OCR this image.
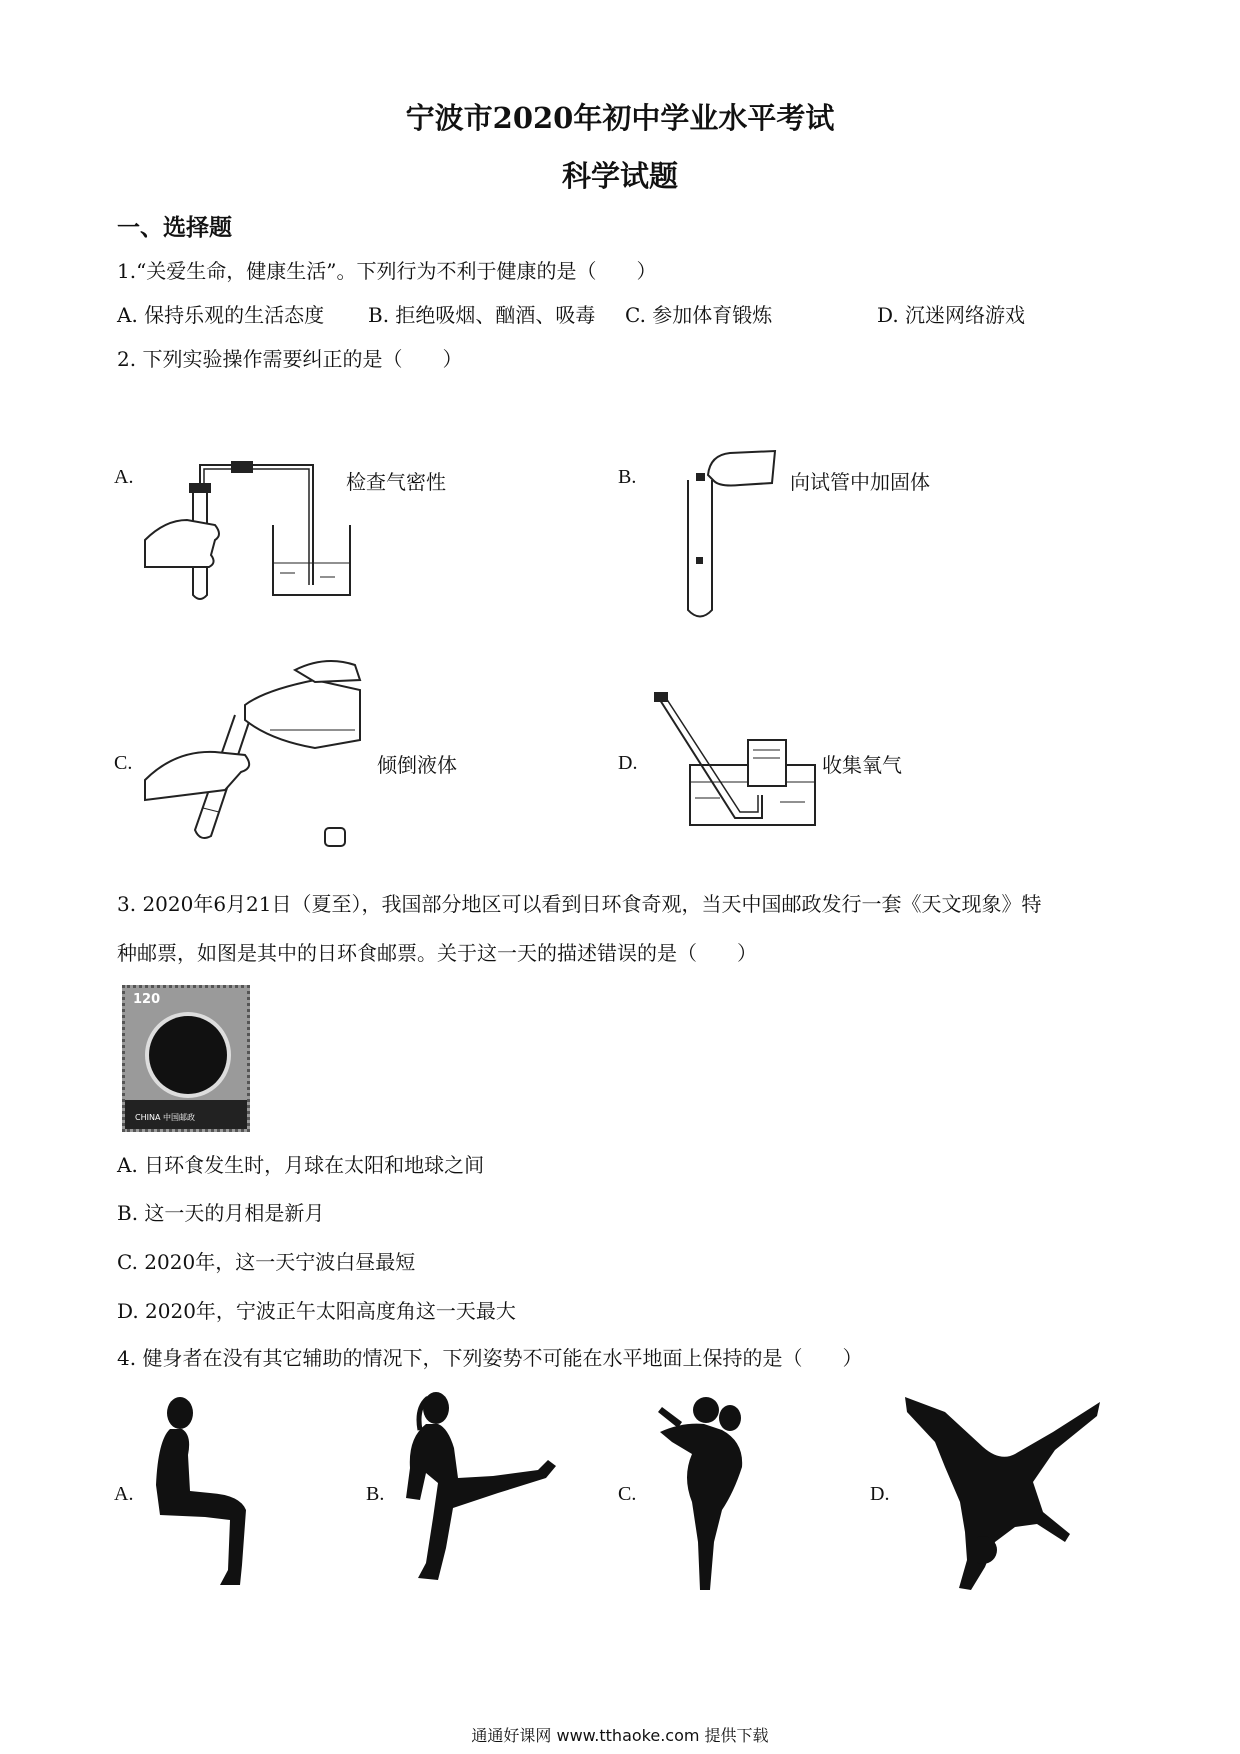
宁波市2020年初中学业水平考试
科学试题
一、选择题
1.“关爱生命，健康生活”。下列行为不利于健康的是（　　）
A. 保持乐观的生活态度 B. 拒绝吸烟、酗酒、吸毒 C. 参加体育锻炼	D. 沉迷网络游戏
2. 下列实验操作需要纠正的是（　　）
A.	检查气密性	B.	向试管中加固体
C.	倾倒液体	D.	收集氧气
3. 2020年6月21日（夏至），我国部分地区可以看到日环食奇观，当天中国邮政发行一套《天文现象》特
种邮票，如图是其中的日环食邮票。关于这一天的描述错误的是（　　）
120
CHINA 中国邮政
A. 日环食发生时，月球在太阳和地球之间
B. 这一天的月相是新月
C. 2020年，这一天宁波白昼最短
D. 2020年，宁波正午太阳高度角这一天最大
4. 健身者在没有其它辅助的情况下，下列姿势不可能在水平地面上保持的是（　　）
A.	B.	C.	D.
通通好课网 www.tthaoke.com 提供下载
